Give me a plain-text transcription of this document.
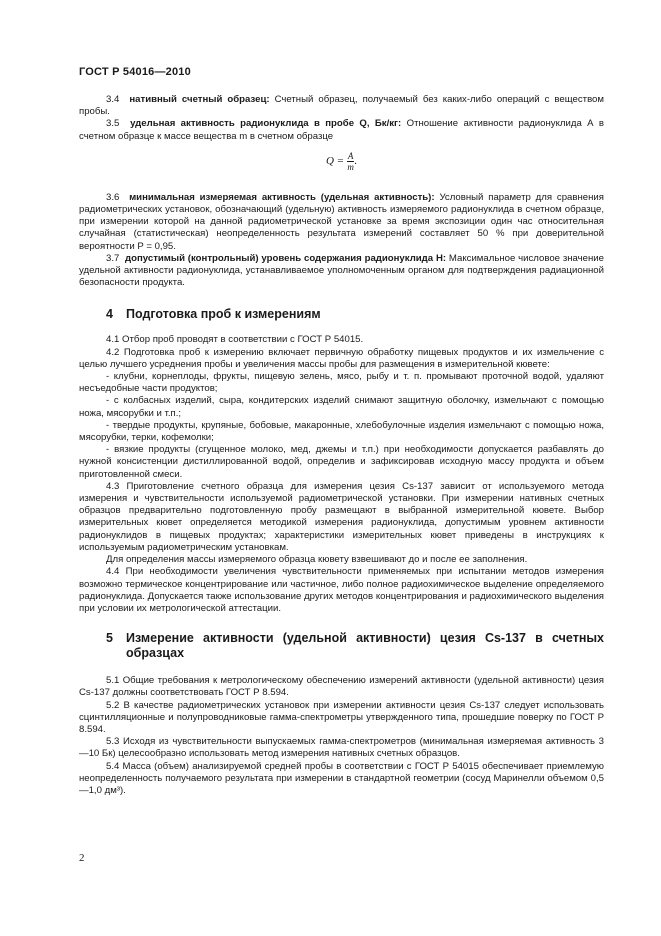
ГОСТ Р 54016—2010

3.4 нативный счетный образец: Счетный образец, получаемый без каких-либо операций с веществом пробы.

3.5 удельная активность радионуклида в пробе Q, Бк/кг: Отношение активности радионуклида А в счетном образце к массе вещества m в счетном образце

$Q = \frac{A}{m}$ .

3.6 минимальная измеряемая активность (удельная активность): Условный параметр для сравнения радиометрических установок, обозначающий (удельную) активность измеряемого радионуклида в счетном образце, при измерении которой на данной радиометрической установке за время экспозиции один час относительная случайная (статистическая) неопределенность результата измерений составляет 50 % при доверительной вероятности P = 0,95.

3.7 допустимый (контрольный) уровень содержания радионуклида H: Максимальное числовое значение удельной активности радионуклида, устанавливаемое уполномоченным органом для подтверждения радиационной безопасности продукта.

4 Подготовка проб к измерениям

4.1 Отбор проб проводят в соответствии с ГОСТ Р 54015.

4.2 Подготовка проб к измерению включает первичную обработку пищевых продуктов и их измельчение с целью лучшего усреднения пробы и увеличения массы пробы для размещения в измерительной кювете:

- клубни, корнеплоды, фрукты, пищевую зелень, мясо, рыбу и т. п. промывают проточной водой, удаляют несъедобные части продуктов;

- с колбасных изделий, сыра, кондитерских изделий снимают защитную оболочку, измельчают с помощью ножа, мясорубки и т.п.;

- твердые продукты, крупяные, бобовые, макаронные, хлебобулочные изделия измельчают с помощью ножа, мясорубки, терки, кофемолки;

- вязкие продукты (сгущенное молоко, мед, джемы и т.п.) при необходимости допускается разбавлять до нужной консистенции дистиллированной водой, определив и зафиксировав исходную массу продукта и объем приготовленной смеси.

4.3 Приготовление счетного образца для измерения цезия Cs-137 зависит от используемого метода измерения и чувствительности используемой радиометрической установки. При измерении нативных счетных образцов предварительно подготовленную пробу размещают в выбранной измерительной кювете. Выбор измерительных кювет определяется методикой измерения радионуклида, допустимым уровнем активности радионуклидов в пищевых продуктах; характеристики измерительных кювет приведены в инструкциях к используемым радиометрическим установкам.

Для определения массы измеряемого образца кювету взвешивают до и после ее заполнения.

4.4 При необходимости увеличения чувствительности применяемых при испытании методов измерения возможно термическое концентрирование или частичное, либо полное радиохимическое выделение определяемого радионуклида. Допускается также использование других методов концентрирования и радиохимического выделения при условии их метрологической аттестации.

5 Измерение активности (удельной активности) цезия Cs-137 в счетных образцах

5.1 Общие требования к метрологическому обеспечению измерений активности (удельной активности) цезия Cs-137 должны соответствовать ГОСТ Р 8.594.

5.2 В качестве радиометрических установок при измерении активности цезия Cs-137 следует использовать сцинтилляционные и полупроводниковые гамма-спектрометры утвержденного типа, прошедшие поверку по ГОСТ Р 8.594.

5.3 Исходя из чувствительности выпускаемых гамма-спектрометров (минимальная измеряемая активность 3—10 Бк) целесообразно использовать метод измерения нативных счетных образцов.

5.4 Масса (объем) анализируемой средней пробы в соответствии с ГОСТ Р 54015 обеспечивает приемлемую неопределенность получаемого результата при измерении в стандартной геометрии (сосуд Маринелли объемом 0,5—1,0 дм³).

2
